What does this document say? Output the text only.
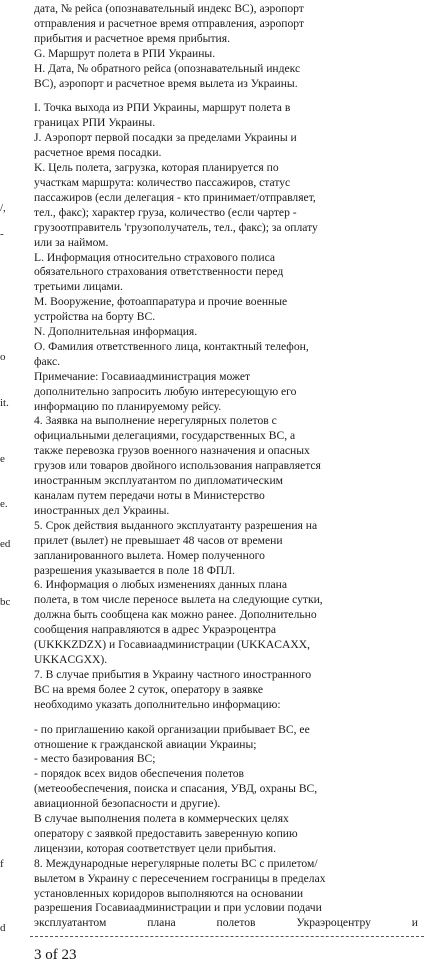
/,
-
o
it.
e
e.
ed
bc
f
d

дата, № рейса (опознавательный индекс ВС), аэропорт

отправления и расчетное время отправления, аэропорт

прибытия и расчетное время прибытия.

G. Маршрут полета в РПИ Украины.

H. Дата, № обратного рейса (опознавательный индекс

ВС), аэропорт и расчетное время вылета из Украины.

I. Точка выхода из РПИ Украины, маршрут полета в

границах РПИ Украины.

J. Аэропорт первой посадки за пределами Украины и

расчетное время посадки.

K. Цель полета, загрузка, которая планируется по

участкам маршрута: количество пассажиров, статус

пассажиров (если делегация - кто принимает/отправляет,

тел., факс); характер груза, количество (если чартер -

грузоотправитель 'грузополучатель, тел., факс); за оплату

или за наймом.

L. Информация относительно страхового полиса

обязательного страхования ответственности перед

третьими лицами.

M. Вооружение, фотоаппаратура и прочие военные

устройства на борту ВС.

N. Дополнительная информация.

O. Фамилия ответственного лица, контактный телефон,

факс.

Примечание: Госавиаадминистрация может

дополнительно запросить любую интересующую его

информацию по планируемому рейсу.

4. Заявка на выполнение нерегулярных полетов с

официальными делегациями, государственных ВС, а

также перевозка грузов военного назначения и опасных

грузов или товаров двойного использования направляется

иностранным эксплуатантом по дипломатическим

каналам путем передачи ноты в Министерство

иностранных дел Украины.

5. Срок действия выданного эксплуатанту разрешения на

прилет (вылет) не превышает 48 часов от времени

запланированного вылета. Номер полученного

разрешения указывается в поле 18 ФПЛ.

6. Информация о любых изменениях данных плана

полета, в том числе переносе вылета на следующие сутки,

должна быть сообщена как можно ранее. Дополнительно

сообщения направляются в адрес Украэроцентра

(UKKKZDZX) и Госавиаадминистрации (UKKACAXX,

UKKACGXX).

7. В случае прибытия в Украину частного иностранного

ВС на время более 2 суток, оператору в заявке

необходимо указать дополнительно информацию:

- по приглашению какой организации прибывает ВС, ее

отношение к гражданской авиации Украины;

- место базирования ВС;

- порядок всех видов обеспечения полетов

(метеообеспечения, поиска и спасания, УВД, охраны ВС,

авиационной безопасности и другие).

В случае выполнения полета в коммерческих целях

оператору с заявкой предоставить заверенную копию

лицензии, которая соответствует цели прибытия.

8. Международные нерегулярные полеты ВС с прилетом/

вылетом в Украину с пересечением госграницы в пределах

установленных коридоров выполняются на основании

разрешения Госавиаадминистрации и при условии подачи

эксплуатантом плана полетов Украэроцентру и

3 of 23
